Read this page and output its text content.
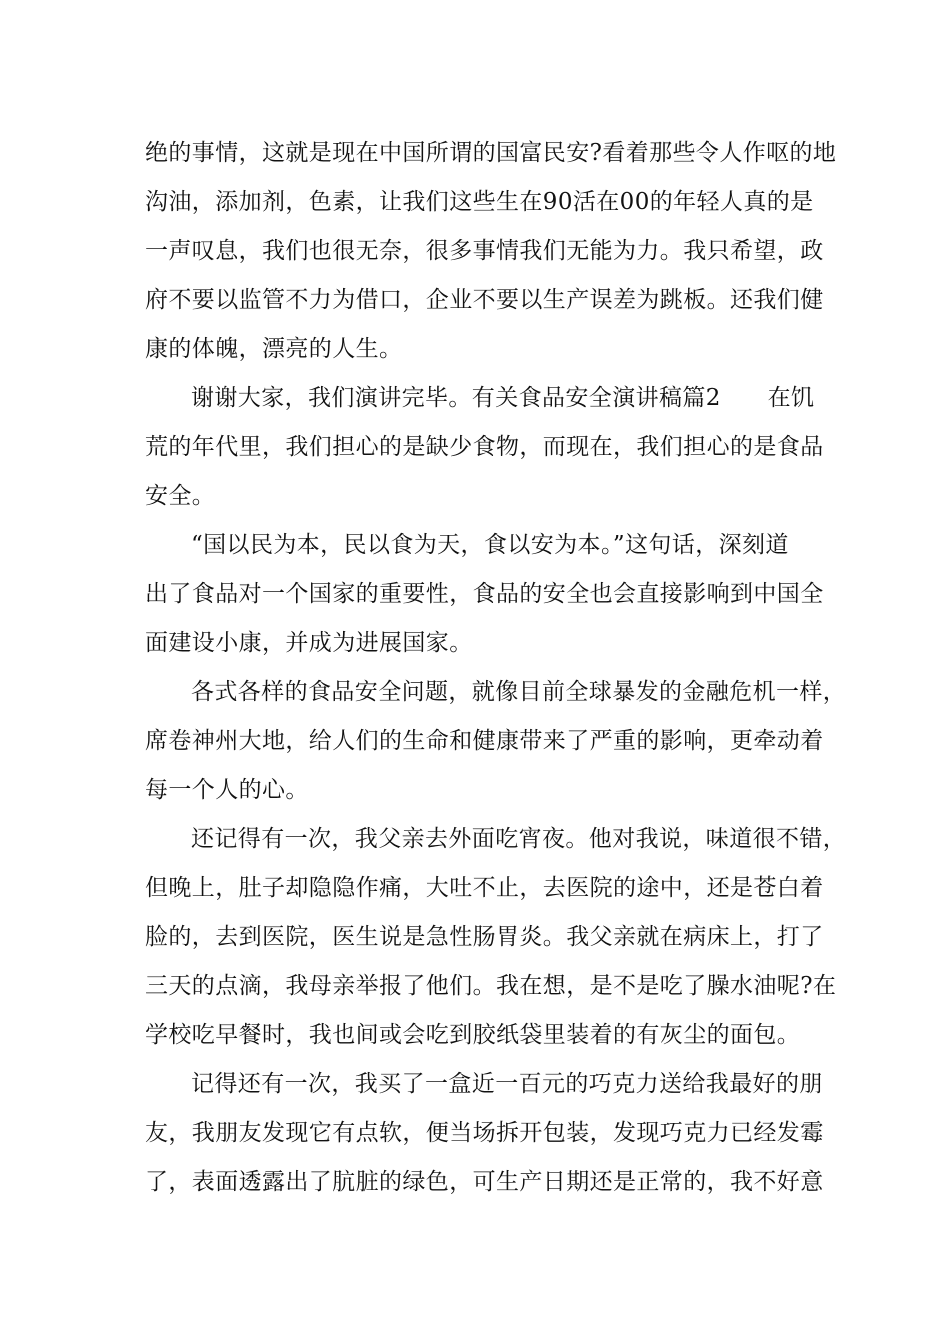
绝的事情，这就是现在中国所谓的国富民安?看着那些令人作呕的地
沟油，添加剂，色素，让我们这些生在90活在00的年轻人真的是
一声叹息，我们也很无奈，很多事情我们无能为力。我只希望，政
府不要以监管不力为借口，企业不要以生产误差为跳板。还我们健
康的体魄，漂亮的人生。
谢谢大家，我们演讲完毕。有关食品安全演讲稿篇2　　在饥
荒的年代里，我们担心的是缺少食物，而现在，我们担心的是食品
安全。
“国以民为本，民以食为天，食以安为本。”这句话，深刻道
出了食品对一个国家的重要性，食品的安全也会直接影响到中国全
面建设小康，并成为进展国家。
各式各样的食品安全问题，就像目前全球暴发的金融危机一样，
席卷神州大地，给人们的生命和健康带来了严重的影响，更牵动着
每一个人的心。
还记得有一次，我父亲去外面吃宵夜。他对我说，味道很不错，
但晚上，肚子却隐隐作痛，大吐不止，去医院的途中，还是苍白着
脸的，去到医院，医生说是急性肠胃炎。我父亲就在病床上，打了
三天的点滴，我母亲举报了他们。我在想，是不是吃了臊水油呢?在
学校吃早餐时，我也间或会吃到胶纸袋里装着的有灰尘的面包。
记得还有一次，我买了一盒近一百元的巧克力送给我最好的朋
友，我朋友发现它有点软，便当场拆开包装，发现巧克力已经发霉
了，表面透露出了肮脏的绿色，可生产日期还是正常的，我不好意
